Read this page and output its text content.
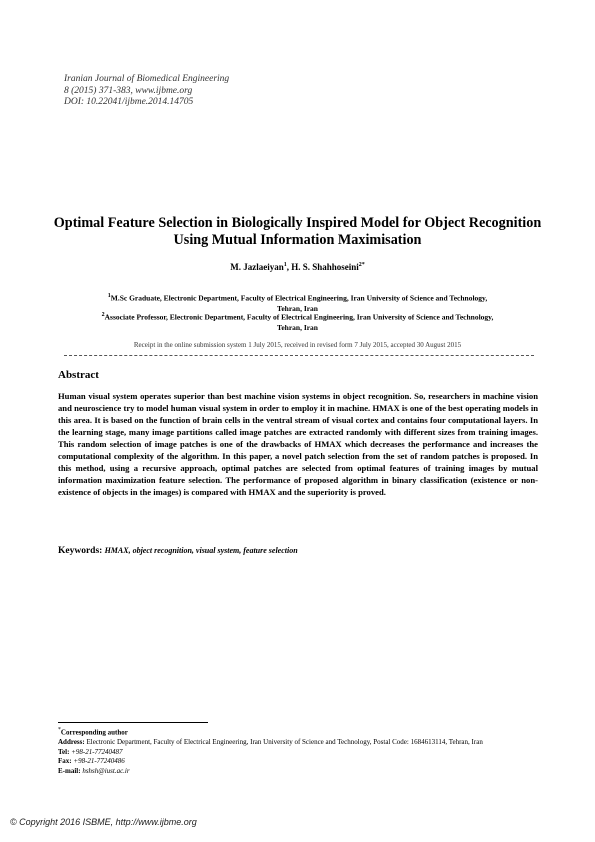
Iranian Journal of Biomedical Engineering
8 (2015) 371-383, www.ijbme.org
DOI: 10.22041/ijbme.2014.14705
Optimal Feature Selection in Biologically Inspired Model for Object Recognition
Using Mutual Information Maximisation
M. Jazlaeiyan$^1$, H. S. Shahhoseini$^{2*}$
$^1$M.Sc Graduate, Electronic Department, Faculty of Electrical Engineering, Iran University of Science and Technology,
Tehran, Iran
$^2$Associate Professor, Electronic Department, Faculty of Electrical Engineering, Iran University of Science and Technology,
Tehran, Iran
Receipt in the online submission system 1 July 2015, received in revised form 7 July 2015, accepted 30 August 2015
Abstract
Human visual system operates superior than best machine vision systems in object recognition. So, researchers in machine vision and neuroscience try to model human visual system in order to employ it in machine. HMAX is one of the best operating models in this area. It is based on the function of brain cells in the ventral stream of visual cortex and contains four computational layers. In the learning stage, many image partitions called image patches are extracted randomly with different sizes from training images. This random selection of image patches is one of the drawbacks of HMAX which decreases the performance and increases the computational complexity of the algorithm. In this paper, a novel patch selection from the set of random patches is proposed. In this method, using a recursive approach, optimal patches are selected from optimal features of training images by mutual information maximization feature selection. The performance of proposed algorithm in binary classification (existence or non-existence of objects in the images) is compared with HMAX and the superiority is proved.
Keywords: HMAX, object recognition, visual system, feature selection
*Corresponding author
Address: Electronic Department, Faculty of Electrical Engineering, Iran University of Science and Technology, Postal Code: 1684613114, Tehran, Iran
Tel: +98-21-77240487
Fax: +98-21-77240486
E-mail: hshsh@iust.ac.ir
© Copyright 2016 ISBME, http://www.ijbme.org
